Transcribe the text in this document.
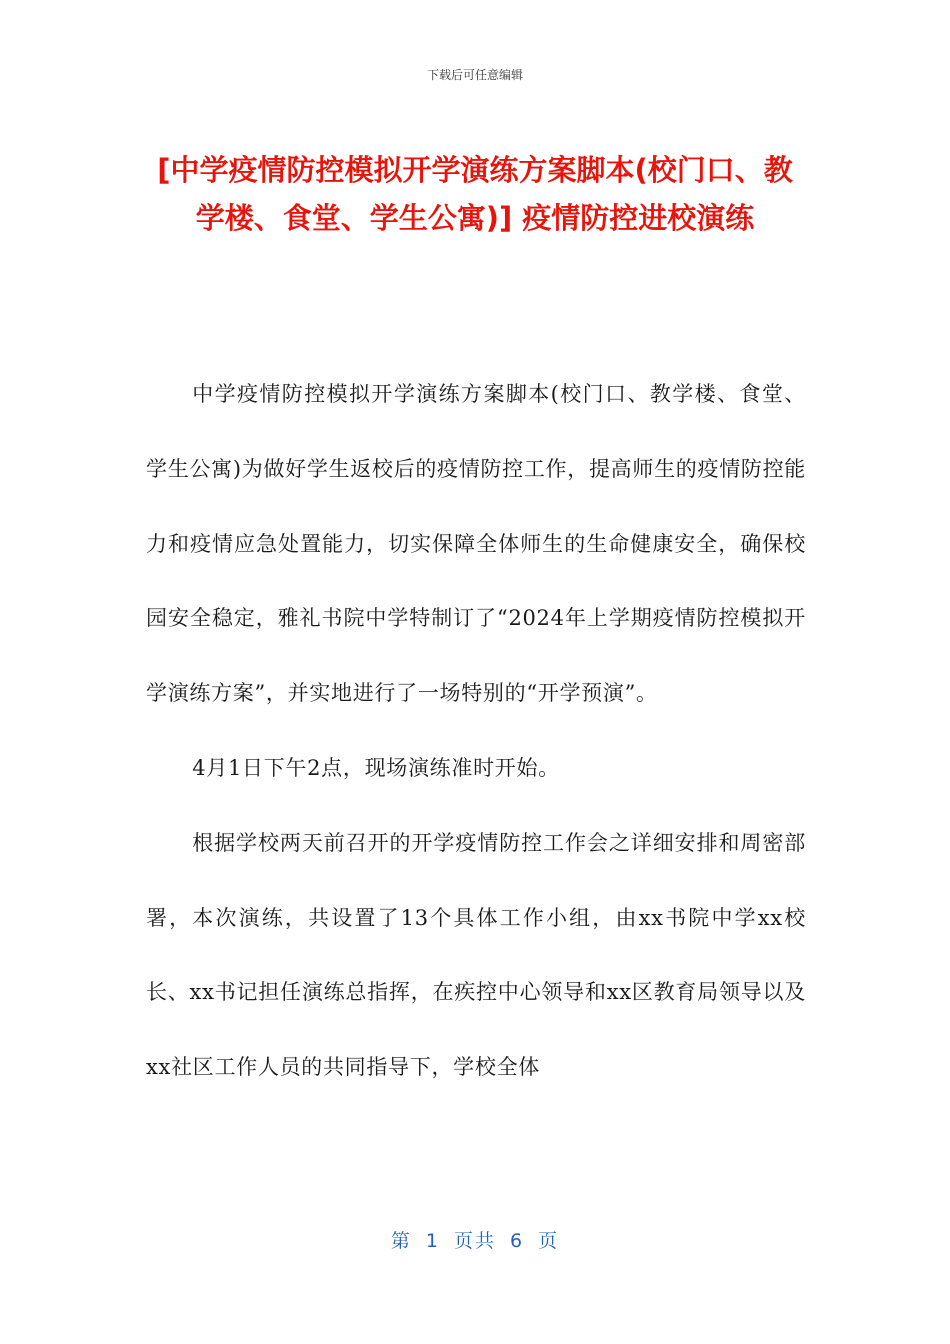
下载后可任意编辑
[中学疫情防控模拟开学演练方案脚本(校门口、教学楼、食堂、学生公寓)] 疫情防控进校演练

中学疫情防控模拟开学演练方案脚本(校门口、教学楼、食堂、学生公寓)为做好学生返校后的疫情防控工作，提高师生的疫情防控能力和疫情应急处置能力，切实保障全体师生的生命健康安全，确保校园安全稳定，雅礼书院中学特制订了“2024年上学期疫情防控模拟开学演练方案”，并实地进行了一场特别的“开学预演”。

4月1日下午2点，现场演练准时开始。

根据学校两天前召开的开学疫情防控工作会之详细安排和周密部署，本次演练，共设置了13个具体工作小组，由xx书院中学xx校长、xx书记担任演练总指挥，在疾控中心领导和xx区教育局领导以及xx社区工作人员的共同指导下，学校全体

第 1 页共 6 页
